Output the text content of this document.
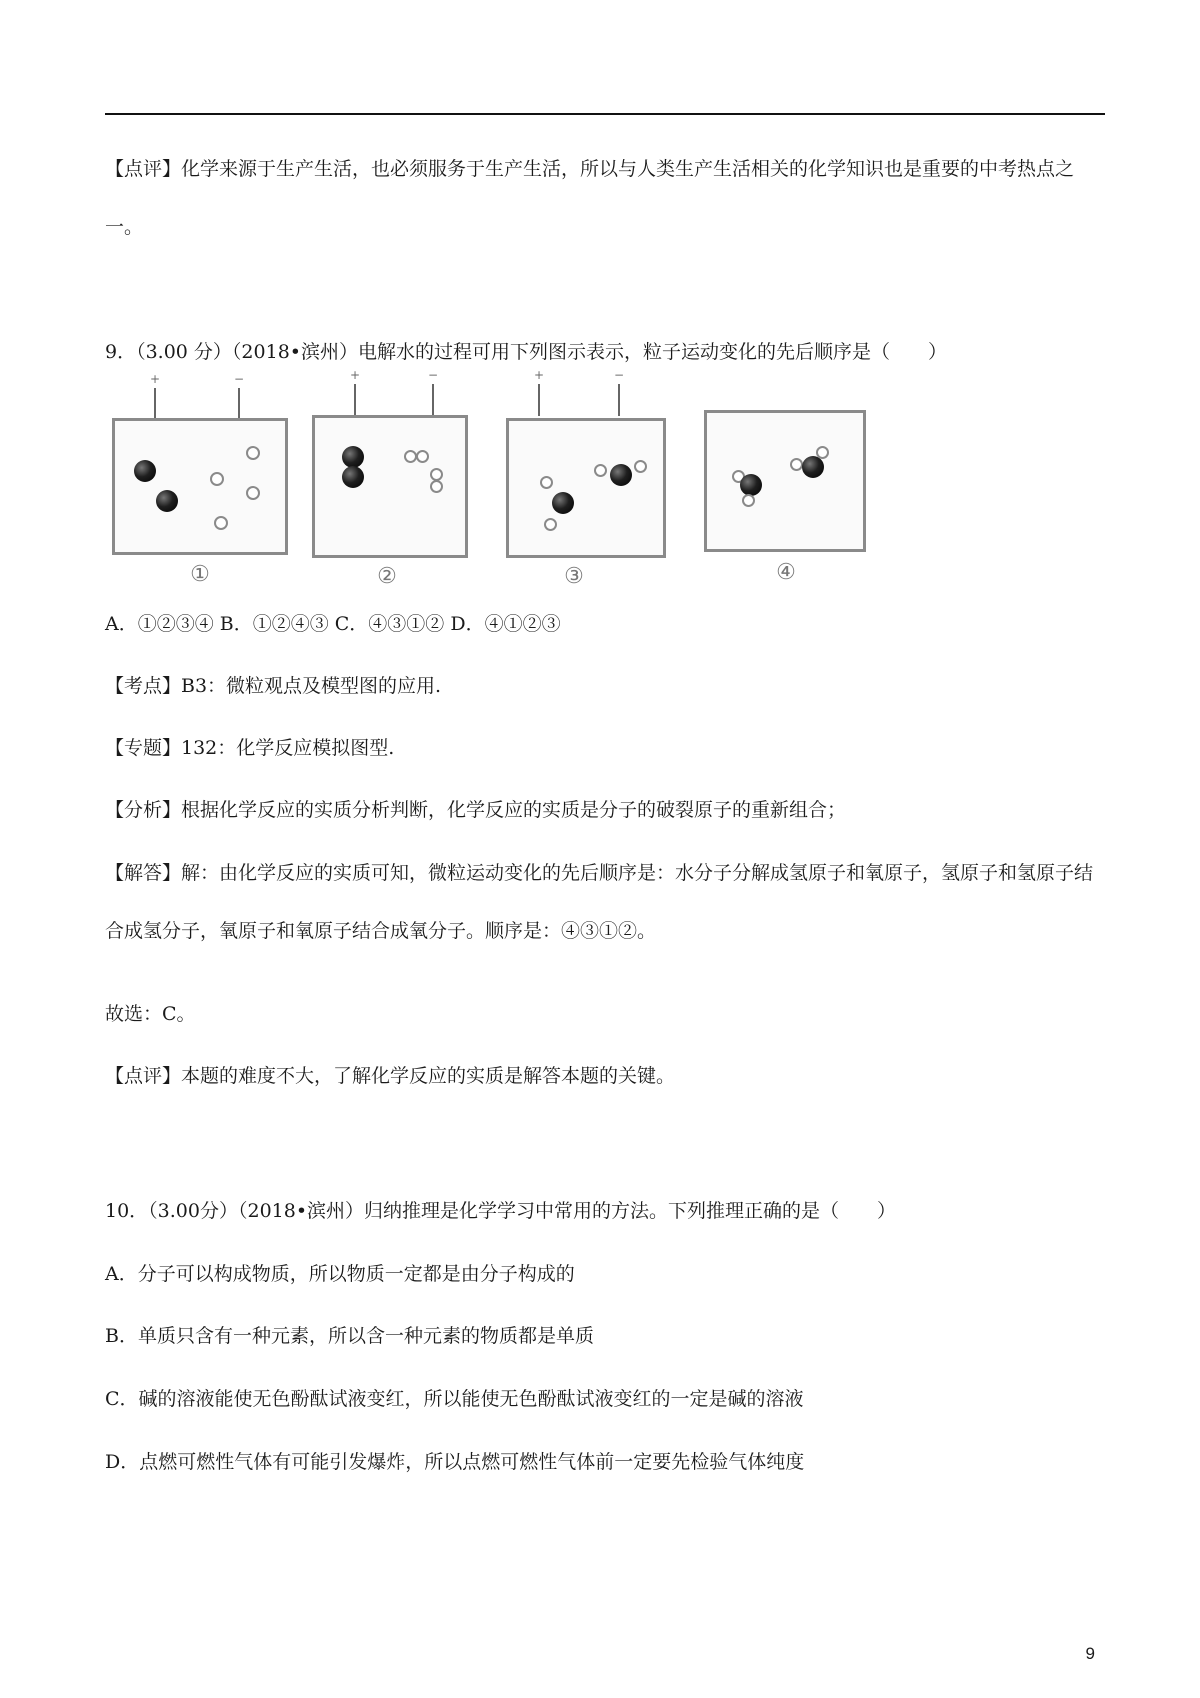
【点评】化学来源于生产生活，也必须服务于生产生活，所以与人类生产生活相关的化学知识也是重要的中考热点之一。
9．（3.00 分）（2018•滨州）电解水的过程可用下列图示表示，粒子运动变化的先后顺序是（　　）
+	−
①
+	−
②
+	−
③	④
A．①②③④ B．①②④③ C．④③①② D．④①②③
【考点】B3：微粒观点及模型图的应用.
【专题】132：化学反应模拟图型.
【分析】根据化学反应的实质分析判断，化学反应的实质是分子的破裂原子的重新组合；
【解答】解：由化学反应的实质可知，微粒运动变化的先后顺序是：水分子分解成氢原子和氧原子，氢原子和氢原子结合成氢分子，氧原子和氧原子结合成氧分子。顺序是：④③①②。
故选：C。
【点评】本题的难度不大，了解化学反应的实质是解答本题的关键。
10．（3.00分）（2018•滨州）归纳推理是化学学习中常用的方法。下列推理正确的是（　　）
A．分子可以构成物质，所以物质一定都是由分子构成的
B．单质只含有一种元素，所以含一种元素的物质都是单质
C．碱的溶液能使无色酚酞试液变红，所以能使无色酚酞试液变红的一定是碱的溶液
D．点燃可燃性气体有可能引发爆炸，所以点燃可燃性气体前一定要先检验气体纯度
9
